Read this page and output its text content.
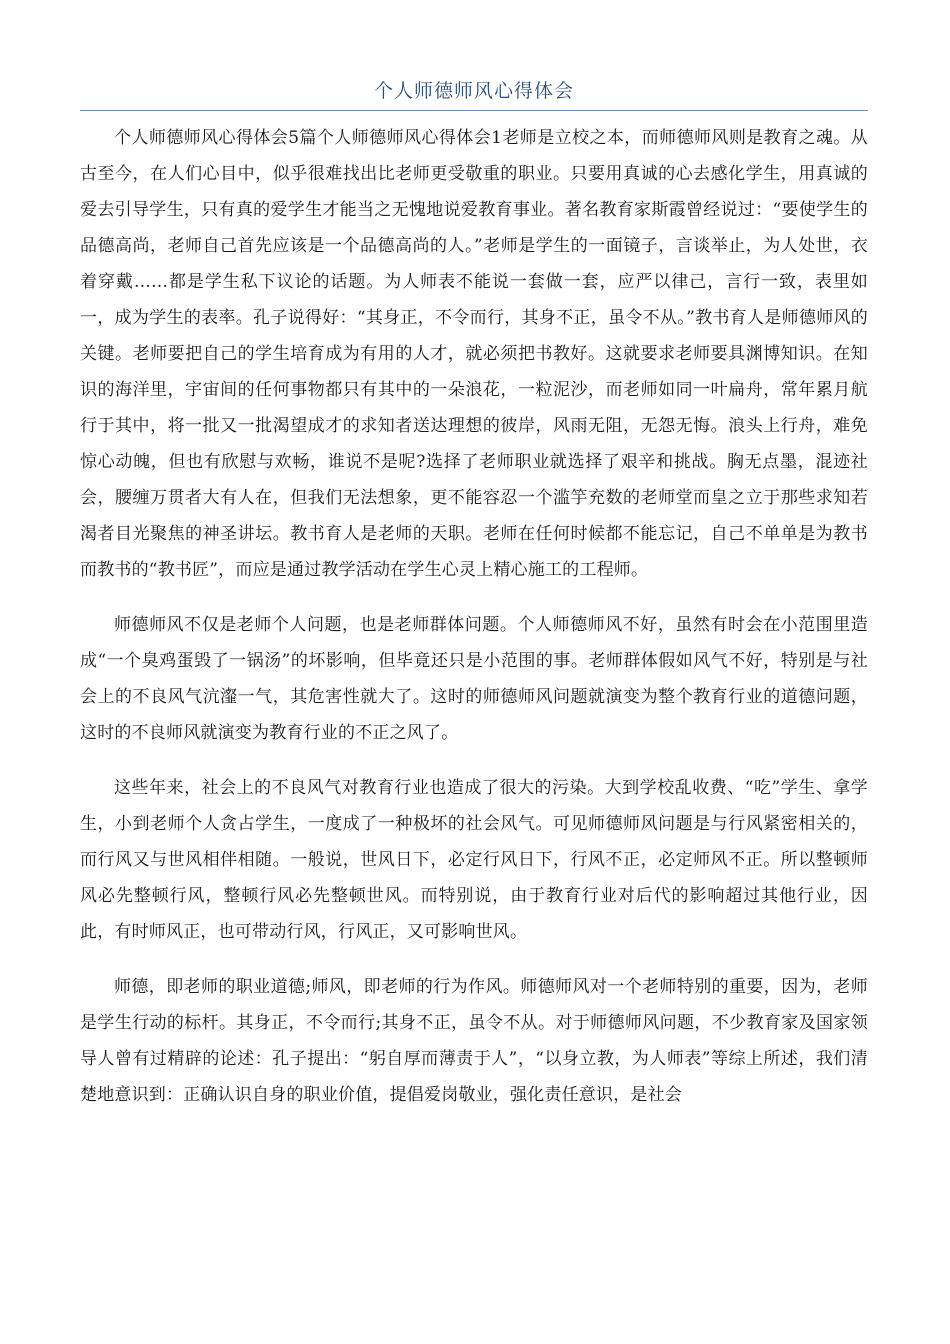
个人师德师风心得体会

个人师德师风心得体会5篇个人师德师风心得体会1老师是立校之本，而师德师风则是教育之魂。从古至今，在人们心目中，似乎很难找出比老师更受敬重的职业。只要用真诚的心去感化学生，用真诚的爱去引导学生，只有真的爱学生才能当之无愧地说爱教育事业。著名教育家斯霞曾经说过：“要使学生的品德高尚，老师自己首先应该是一个品德高尚的人。”老师是学生的一面镜子，言谈举止，为人处世，衣着穿戴……都是学生私下议论的话题。为人师表不能说一套做一套，应严以律己，言行一致，表里如一，成为学生的表率。孔子说得好：“其身正，不令而行，其身不正，虽令不从。”教书育人是师德师风的关键。老师要把自己的学生培育成为有用的人才，就必须把书教好。这就要求老师要具渊博知识。在知识的海洋里，宇宙间的任何事物都只有其中的一朵浪花，一粒泥沙，而老师如同一叶扁舟，常年累月航行于其中，将一批又一批渴望成才的求知者送达理想的彼岸，风雨无阻，无怨无悔。浪头上行舟，难免惊心动魄，但也有欣慰与欢畅，谁说不是呢?选择了老师职业就选择了艰辛和挑战。胸无点墨，混迹社会，腰缠万贯者大有人在，但我们无法想象，更不能容忍一个滥竽充数的老师堂而皇之立于那些求知若渴者目光聚焦的神圣讲坛。教书育人是老师的天职。老师在任何时候都不能忘记，自己不单单是为教书而教书的“教书匠”，而应是通过教学活动在学生心灵上精心施工的工程师。

师德师风不仅是老师个人问题，也是老师群体问题。个人师德师风不好，虽然有时会在小范围里造成“一个臭鸡蛋毁了一锅汤”的坏影响，但毕竟还只是小范围的事。老师群体假如风气不好，特别是与社会上的不良风气沆瀣一气，其危害性就大了。这时的师德师风问题就演变为整个教育行业的道德问题，这时的不良师风就演变为教育行业的不正之风了。

这些年来，社会上的不良风气对教育行业也造成了很大的污染。大到学校乱收费、“吃”学生、拿学生，小到老师个人贪占学生，一度成了一种极坏的社会风气。可见师德师风问题是与行风紧密相关的，而行风又与世风相伴相随。一般说，世风日下，必定行风日下，行风不正，必定师风不正。所以整顿师风必先整顿行风，整顿行风必先整顿世风。而特别说，由于教育行业对后代的影响超过其他行业，因此，有时师风正，也可带动行风，行风正，又可影响世风。

师德，即老师的职业道德;师风，即老师的行为作风。师德师风对一个老师特别的重要，因为，老师是学生行动的标杆。其身正，不令而行;其身不正，虽令不从。对于师德师风问题，不少教育家及国家领导人曾有过精辟的论述：孔子提出：“躬自厚而薄责于人”，“以身立教，为人师表”等综上所述，我们清楚地意识到：正确认识自身的职业价值，提倡爱岗敬业，强化责任意识，是社会
